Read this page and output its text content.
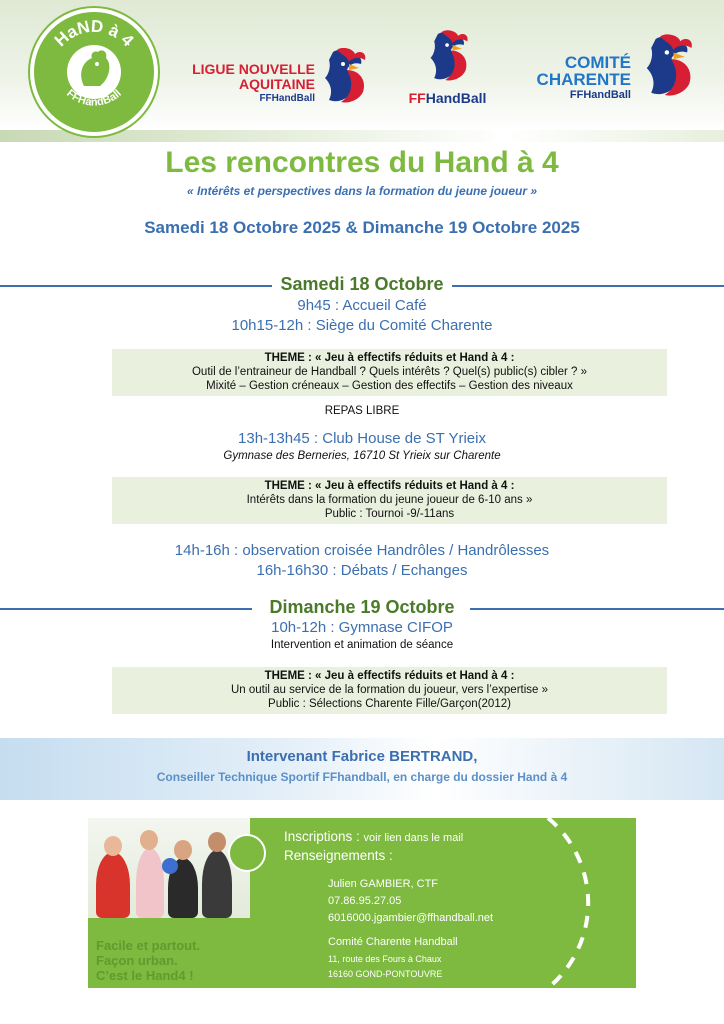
HaND à 4
FFHandBall
LIGUE NOUVELLE
AQUITAINE
FFHandBall	FFHandBall
COMITÉ
CHARENTE
FFHandBall
Les rencontres du Hand à 4
« Intérêts et perspectives dans la formation du jeune joueur »
Samedi 18 Octobre 2025 & Dimanche 19 Octobre 2025
Samedi 18 Octobre
9h45 : Accueil Café
10h15-12h : Siège du Comité Charente
THEME : « Jeu à effectifs réduits et Hand à 4 :
Outil de l’entraineur de Handball ? Quels intérêts ? Quel(s) public(s) cibler ? »
Mixité – Gestion créneaux – Gestion des effectifs – Gestion des niveaux
REPAS LIBRE
13h-13h45 : Club House de ST Yrieix
Gymnase des Berneries, 16710 St Yrieix sur Charente
THEME : « Jeu à effectifs réduits et Hand à 4 :
Intérêts dans la formation du jeune joueur de 6-10 ans »
Public : Tournoi -9/-11ans
14h-16h : observation croisée Handrôles / Handrôlesses
16h-16h30 : Débats / Echanges
Dimanche 19 Octobre
10h-12h : Gymnase CIFOP
Intervention et animation de séance
THEME : « Jeu à effectifs réduits et Hand à 4 :
Un outil au service de la formation du joueur, vers l’expertise »
Public : Sélections Charente Fille/Garçon(2012)
Intervenant Fabrice BERTRAND,
Conseiller Technique Sportif FFhandball, en charge du dossier Hand à 4
Facile et partout.
Façon urban.
C’est le Hand4 !
Inscriptions : voir lien dans le mail
Renseignements :
Julien GAMBIER, CTF
07.86.95.27.05
6016000.jgambier@ffhandball.net
Comité Charente Handball
11, route des Fours à Chaux
16160 GOND-PONTOUVRE
